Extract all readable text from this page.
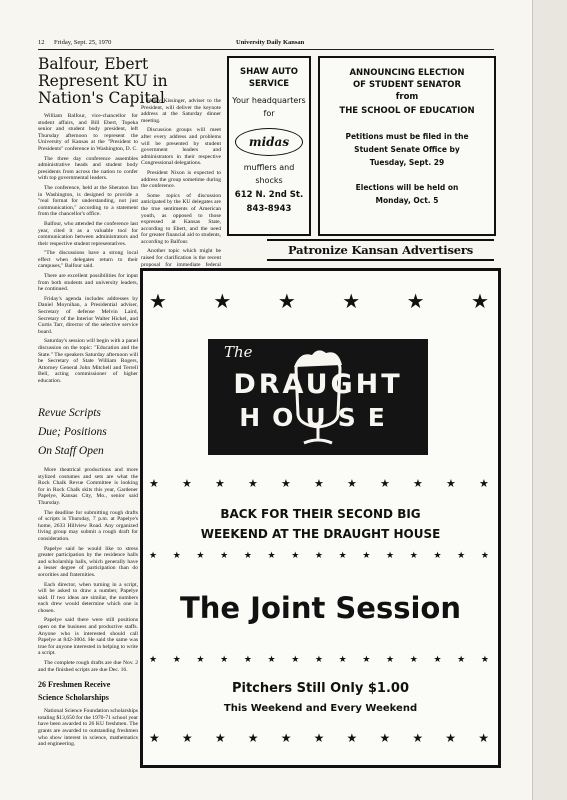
12 Friday, Sept. 25, 1970	University Daily Kansan
Balfour, Ebert Represent KU in Nation's Capital

William Balfour, vice-chancellor for student affairs, and Bill Ebert, Topeka senior and student body president, left Thursday afternoon to represent the University of Kansas at the "President to Presidents" conference in Washington, D. C.

The three day conference assembles administrative heads and student body presidents from across the nation to confer with top governmental leaders.

The conference, held at the Sheraton Inn in Washington, is designed to provide a "real format for understanding, not just communication," according to a statement from the chancellor's office.

Balfour, who attended the conference last year, cited it as a valuable tool for communication between administrators and their respective student representatives.

"The discussions have a strong local effect when delegates return to their campuses," Balfour said.

There are excellent possibilities for input from both students and university leaders, he continued.

Friday's agenda includes addresses by Daniel Moynihan, a Presidential adviser, Secretary of defense Melvin Laird, Secretary of the Interior Walter Hickel, and Curtis Tarr, director of the selective service board.

Saturday's session will begin with a panel discussion on the topic: "Education and the State." The speakers Saturday afternoon will be Secretary of State William Rogers, Attorney General John Mitchell and Terrell Bell, acting commissioner of higher education.

Henry Kissinger, adviser to the President, will deliver the keynote address at the Saturday dinner meeting.

Discussion groups will meet after every address and problems will be presented by student government leaders and administrators in their respective Congressional delegations.

President Nixon is expected to address the group sometime during the conference.

Some topics of discussion anticipated by the KU delegates are the true sentiments of American youth, as opposed to those expressed at Kansas State, according to Ebert, and the need for greater financial aid to students, according to Balfour.

Another topic which might be raised for clarification is the recent proposal for immediate federal

Revue Scripts
Due; Positions
On Staff Open

More theatrical productions and more stylized costumes and sets are what the Rock Chalk Revue Committee is looking for in Rock Chalk skits this year, Gardener Papelye, Kansas City, Mo., senior said Thursday.

The deadline for submitting rough drafts of scripts is Thursday, 7 p.m. at Papelye's home, 2633 Hillview Road. Any organized living group may submit a rough draft for consideration.

Papelye said he would like to stress greater participation by the residence halls and scholarship halls, which generally have a lesser degree of participation than do sororities and fraternities.

Each director, when turning in a script, will be asked to draw a number, Papelye said. If two ideas are similar, the numbers each drew would determine which one is chosen.

Papelye said there were still positions open on the business and productive staffs. Anyone who is interested should call Papelye at 842-3004. He said the same was true for anyone interested in helping to write a script.

The complete rough drafts are due Nov. 2 and the finished scripts are due Dec. 16.

26 Freshmen Receive
Science Scholarships

National Science Foundation scholarships totaling $13,650 for the 1970-71 school year have been awarded to 26 KU freshmen. The grants are awarded to outstanding freshmen who show interest in science, mathematics and engineering.

SHAW AUTO
SERVICE
Your headquarters
for
midas
mufflers and
shocks
612 N. 2nd St.
843-8943
ANNOUNCING ELECTION
OF STUDENT SENATOR
from
THE SCHOOL OF EDUCATION
Petitions must be filed in the
Student Senate Office by
Tuesday, Sept. 29
Elections will be held on
Monday, Oct. 5
Patronize Kansan Advertisers
★ ★ ★ ★ ★ ★
The
DRAUGHT
HOUSE
★ ★ ★ ★ ★ ★ ★ ★ ★ ★ ★
BACK FOR THEIR SECOND BIG
WEEKEND AT THE DRAUGHT HOUSE
★ ★ ★ ★ ★ ★ ★ ★ ★ ★ ★ ★ ★ ★ ★
The Joint Session
★ ★ ★ ★ ★ ★ ★ ★ ★ ★ ★ ★ ★ ★ ★
Pitchers Still Only $1.00
This Weekend and Every Weekend
★ ★ ★ ★ ★ ★ ★ ★ ★ ★ ★
